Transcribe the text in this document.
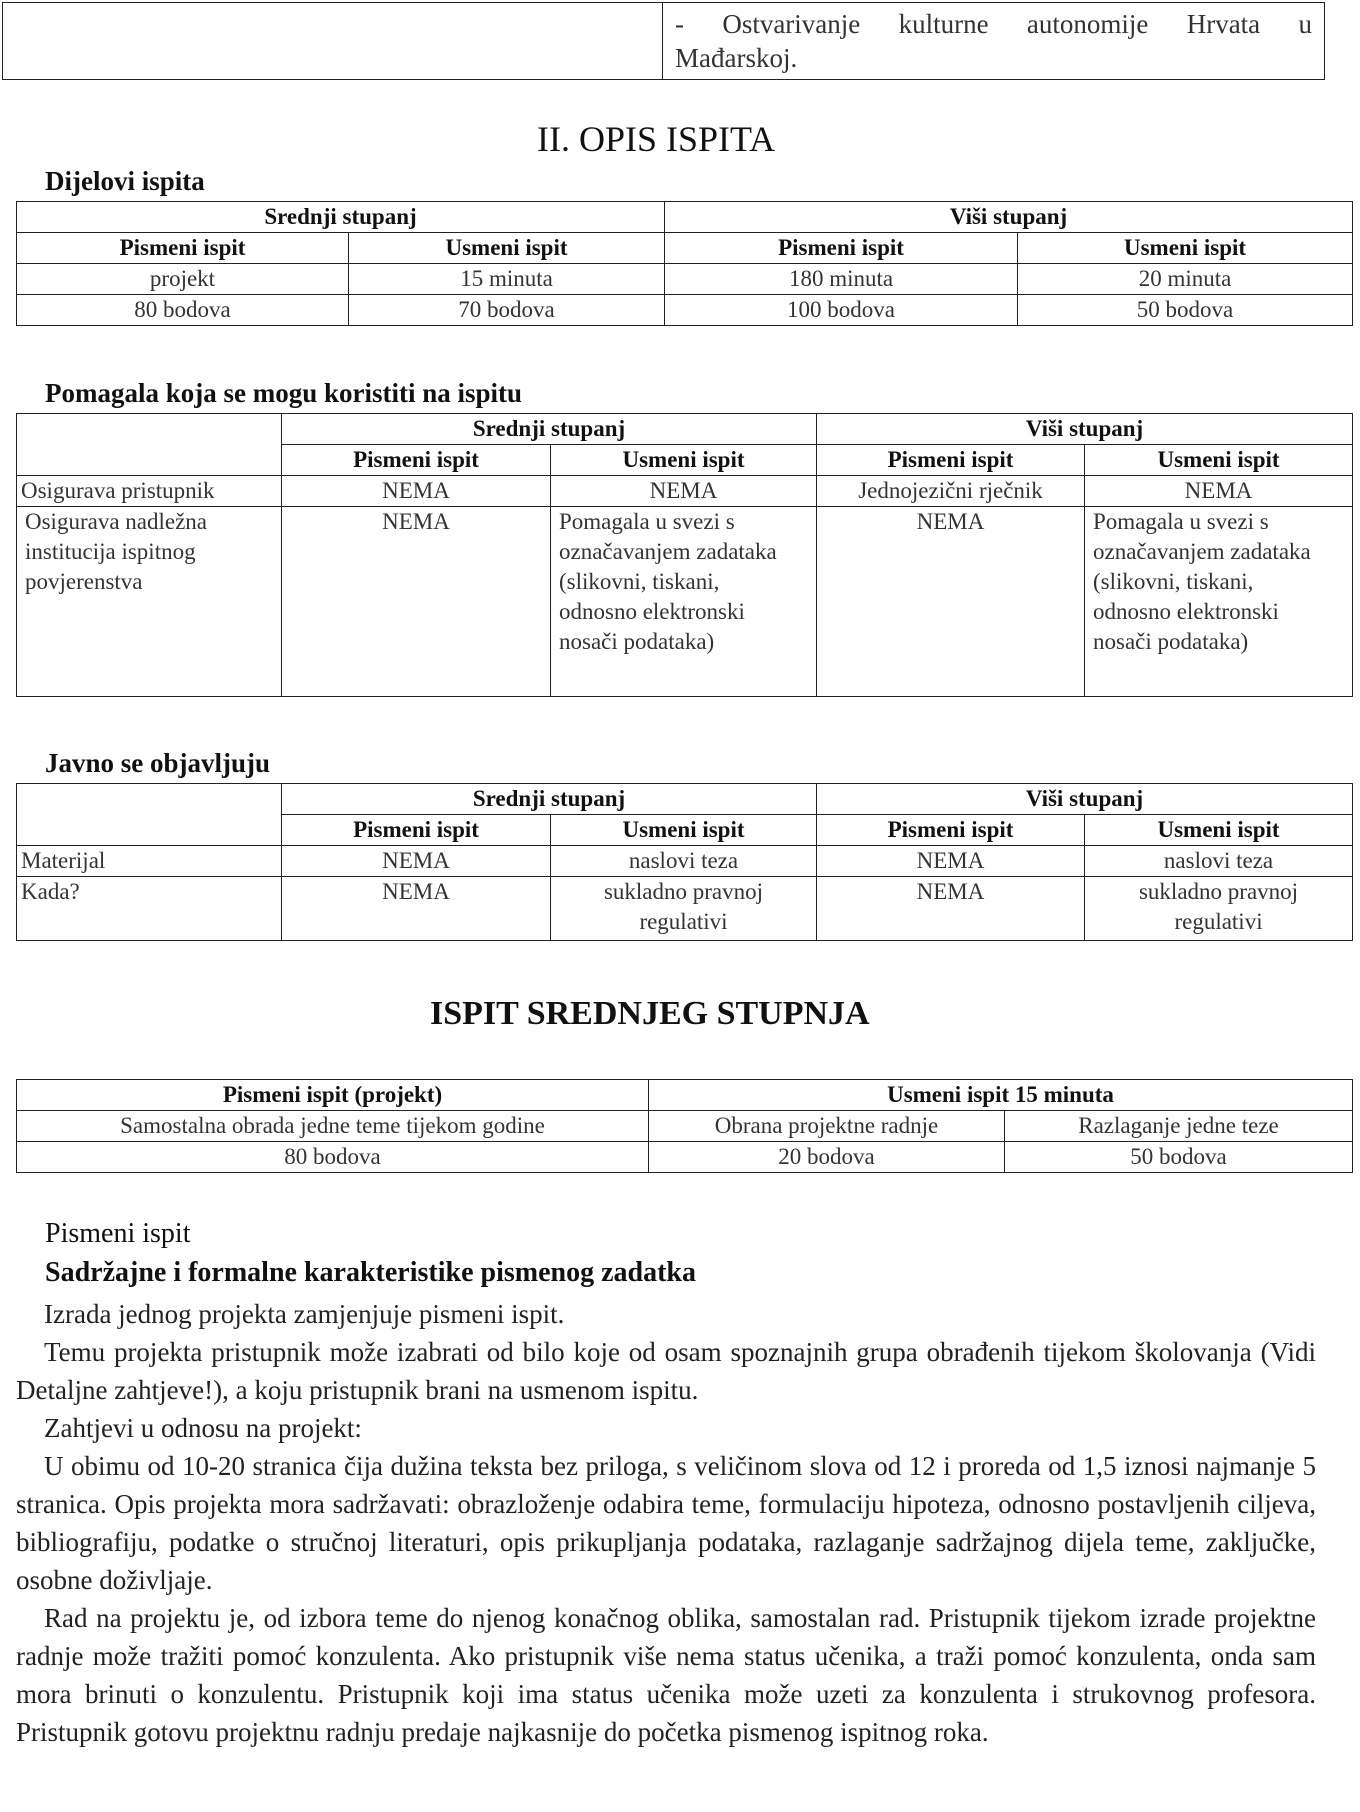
- Ostvarivanje kulturne autonomije Hrvata u
Mađarskoj.
II. OPIS ISPITA
Dijelovi ispita
Srednji stupanj		Viši stupanj	
Pismeni ispit	Usmeni ispit	Pismeni ispit	Usmeni ispit
projekt	15 minuta	180 minuta	20 minuta
80 bodova	70 bodova	100 bodova	50 bodova
Pomagala koja se mogu koristiti na ispitu
	Srednji stupanj		Viši stupanj	
	Pismeni ispit	Usmeni ispit	Pismeni ispit	Usmeni ispit
Osigurava pristupnik	NEMA	NEMA	Jednojezični rječnik	NEMA
Osigurava nadležna institucija ispitnog povjerenstva	NEMA	Pomagala u svezi s označavanjem zadataka (slikovni, tiskani, odnosno elektronski nosači podataka)	NEMA	Pomagala u svezi s označavanjem zadataka (slikovni, tiskani, odnosno elektronski nosači podataka)
Javno se objavljuju
	Srednji stupanj		Viši stupanj	
	Pismeni ispit	Usmeni ispit	Pismeni ispit	Usmeni ispit
Materijal	NEMA	naslovi teza	NEMA	naslovi teza
Kada?	NEMA	sukladno pravnoj regulativi	NEMA	sukladno pravnoj regulativi
ISPIT SREDNJEG STUPNJA
Pismeni ispit (projekt)	Usmeni ispit 15 minuta	
Samostalna obrada jedne teme tijekom godine	Obrana projektne radnje	Razlaganje jedne teze
80 bodova	20 bodova	50 bodova
Pismeni ispit
Sadržajne i formalne karakteristike pismenog zadatka

Izrada jednog projekta zamjenjuje pismeni ispit.

Temu projekta pristupnik može izabrati od bilo koje od osam spoznajnih grupa obrađenih tijekom školovanja (Vidi Detaljne zahtjeve!), a koju pristupnik brani na usmenom ispitu.

Zahtjevi u odnosu na projekt:

U obimu od 10-20 stranica čija dužina teksta bez priloga, s veličinom slova od 12 i proreda od 1,5 iznosi najmanje 5 stranica. Opis projekta mora sadržavati: obrazloženje odabira teme, formulaciju hipoteza, odnosno postavljenih ciljeva, bibliografiju, podatke o stručnoj literaturi, opis prikupljanja podataka, razlaganje sadržajnog dijela teme, zaključke, osobne doživljaje.

Rad na projektu je, od izbora teme do njenog konačnog oblika, samostalan rad. Pristupnik tijekom izrade projektne radnje može tražiti pomoć konzulenta. Ako pristupnik više nema status učenika, a traži pomoć konzulenta, onda sam mora brinuti o konzulentu. Pristupnik koji ima status učenika može uzeti za konzulenta i strukovnog profesora. Pristupnik gotovu projektnu radnju predaje najkasnije do početka pismenog ispitnog roka.
